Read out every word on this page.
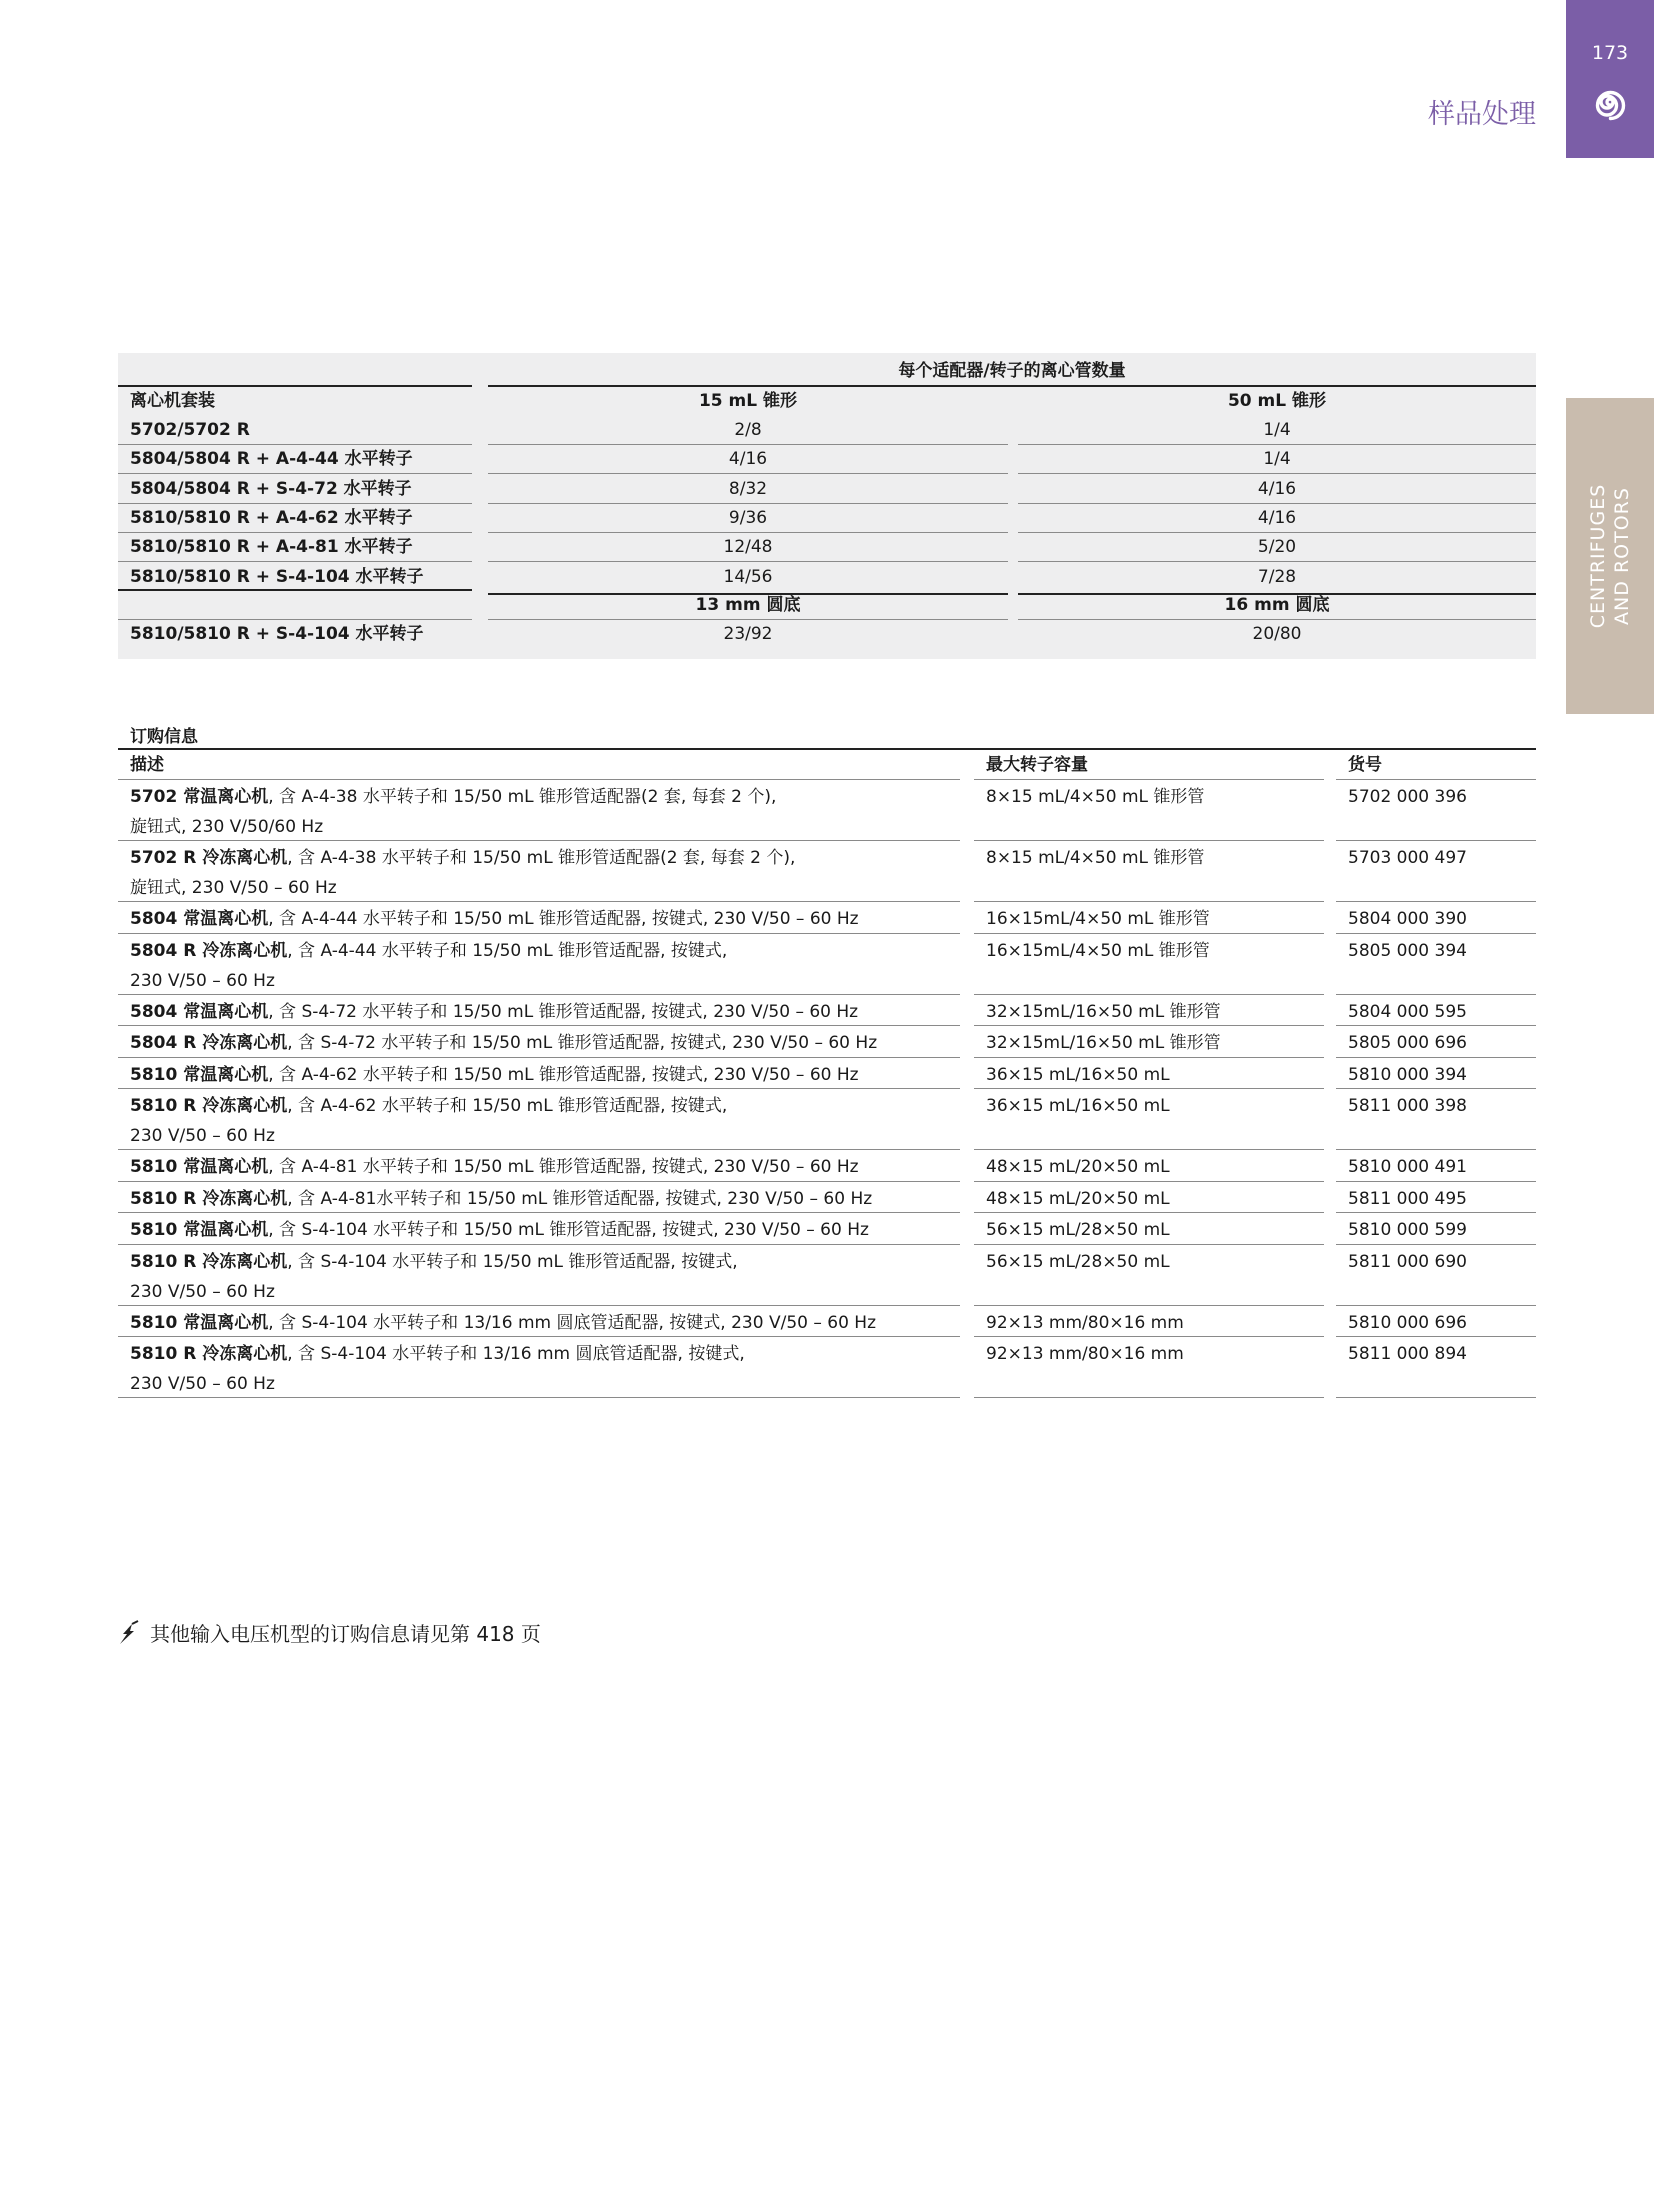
173
样品处理
CENTRIFUGES AND ROTORS
每个适配器/转子的离心管数量
离心机套装	15 mL 锥形	50 mL 锥形
5702/5702 R	2/8	1/4
5804/5804 R + A-4-44 水平转子	4/16	1/4
5804/5804 R + S-4-72 水平转子	8/32	4/16
5810/5810 R + A-4-62 水平转子	9/36	4/16
5810/5810 R + A-4-81 水平转子	12/48	5/20
5810/5810 R + S-4-104 水平转子	14/56	7/28
13 mm 圆底	16 mm 圆底
5810/5810 R + S-4-104 水平转子	23/92	20/80
订购信息
描述	最大转子容量	货号
5702 常温离心机, 含 A-4-38 水平转子和 15/50 mL 锥形管适配器(2 套, 每套 2 个),
旋钮式, 230 V/50/60 Hz
8×15 mL/4×50 mL 锥形管	5702 000 396
5702 R 冷冻离心机, 含 A-4-38 水平转子和 15/50 mL 锥形管适配器(2 套, 每套 2 个),
旋钮式, 230 V/50 – 60 Hz
8×15 mL/4×50 mL 锥形管	5703 000 497
5804 常温离心机, 含 A-4-44 水平转子和 15/50 mL 锥形管适配器, 按键式, 230 V/50 – 60 Hz	16×15mL/4×50 mL 锥形管	5804 000 390
5804 R 冷冻离心机, 含 A-4-44 水平转子和 15/50 mL 锥形管适配器, 按键式,
230 V/50 – 60 Hz
16×15mL/4×50 mL 锥形管	5805 000 394
5804 常温离心机, 含 S-4-72 水平转子和 15/50 mL 锥形管适配器, 按键式, 230 V/50 – 60 Hz	32×15mL/16×50 mL 锥形管	5804 000 595
5804 R 冷冻离心机, 含 S-4-72 水平转子和 15/50 mL 锥形管适配器, 按键式, 230 V/50 – 60 Hz	32×15mL/16×50 mL 锥形管	5805 000 696
5810 常温离心机, 含 A-4-62 水平转子和 15/50 mL 锥形管适配器, 按键式, 230 V/50 – 60 Hz	36×15 mL/16×50 mL	5810 000 394
5810 R 冷冻离心机, 含 A-4-62 水平转子和 15/50 mL 锥形管适配器, 按键式,
230 V/50 – 60 Hz
36×15 mL/16×50 mL	5811 000 398
5810 常温离心机, 含 A-4-81 水平转子和 15/50 mL 锥形管适配器, 按键式, 230 V/50 – 60 Hz	48×15 mL/20×50 mL	5810 000 491
5810 R 冷冻离心机, 含 A-4-81水平转子和 15/50 mL 锥形管适配器, 按键式, 230 V/50 – 60 Hz	48×15 mL/20×50 mL	5811 000 495
5810 常温离心机, 含 S-4-104 水平转子和 15/50 mL 锥形管适配器, 按键式, 230 V/50 – 60 Hz	56×15 mL/28×50 mL	5810 000 599
5810 R 冷冻离心机, 含 S-4-104 水平转子和 15/50 mL 锥形管适配器, 按键式,
230 V/50 – 60 Hz
56×15 mL/28×50 mL	5811 000 690
5810 常温离心机, 含 S-4-104 水平转子和 13/16 mm 圆底管适配器, 按键式, 230 V/50 – 60 Hz	92×13 mm/80×16 mm	5810 000 696
5810 R 冷冻离心机, 含 S-4-104 水平转子和 13/16 mm 圆底管适配器, 按键式,
230 V/50 – 60 Hz
92×13 mm/80×16 mm	5811 000 894
其他输入电压机型的订购信息请见第 418 页
